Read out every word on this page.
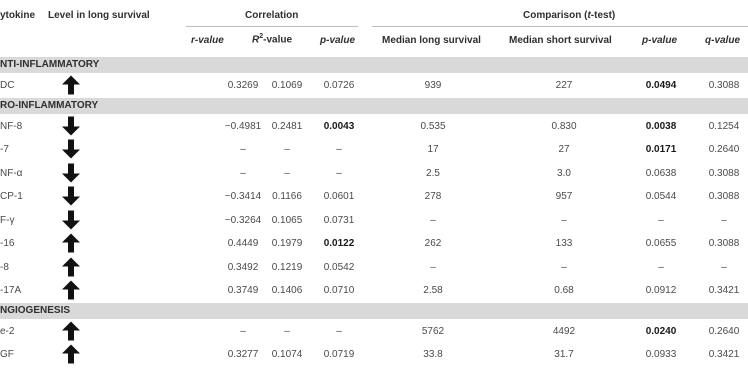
ytokine Level in long survival	Correlation	Comparison (t-test)
r-value	$R^2$-value	p-value	Median long survival	Median short survival	p-value	q-value
NTI-INFLAMMATORY
DC	0.3269 0.1069 0.0726	939	227	0.0494	0.3088
RO-INFLAMMATORY
NF-8	−0.4981 0.2481 0.0043	0.535	0.830	0.0038	0.1254
-7	–	–	–	17	27	0.0171	0.2640
NF-α	–	–	–	2.5	3.0	0.0638	0.3088
CP-1	−0.3414 0.1166 0.0601	278	957	0.0544	0.3088
F-γ	−0.3264 0.1065 0.0731	–	–	–	–
-16	0.4449 0.1979 0.0122	262	133	0.0655	0.3088
-8	0.3492 0.1219 0.0542	–	–	–	–
-17A	0.3749 0.1406 0.0710	2.58	0.68	0.0912	0.3421
NGIOGENESIS
e-2	–	–	–	5762	4492	0.0240	0.2640
GF	0.3277 0.1074 0.0719	33.8	31.7	0.0933	0.3421
